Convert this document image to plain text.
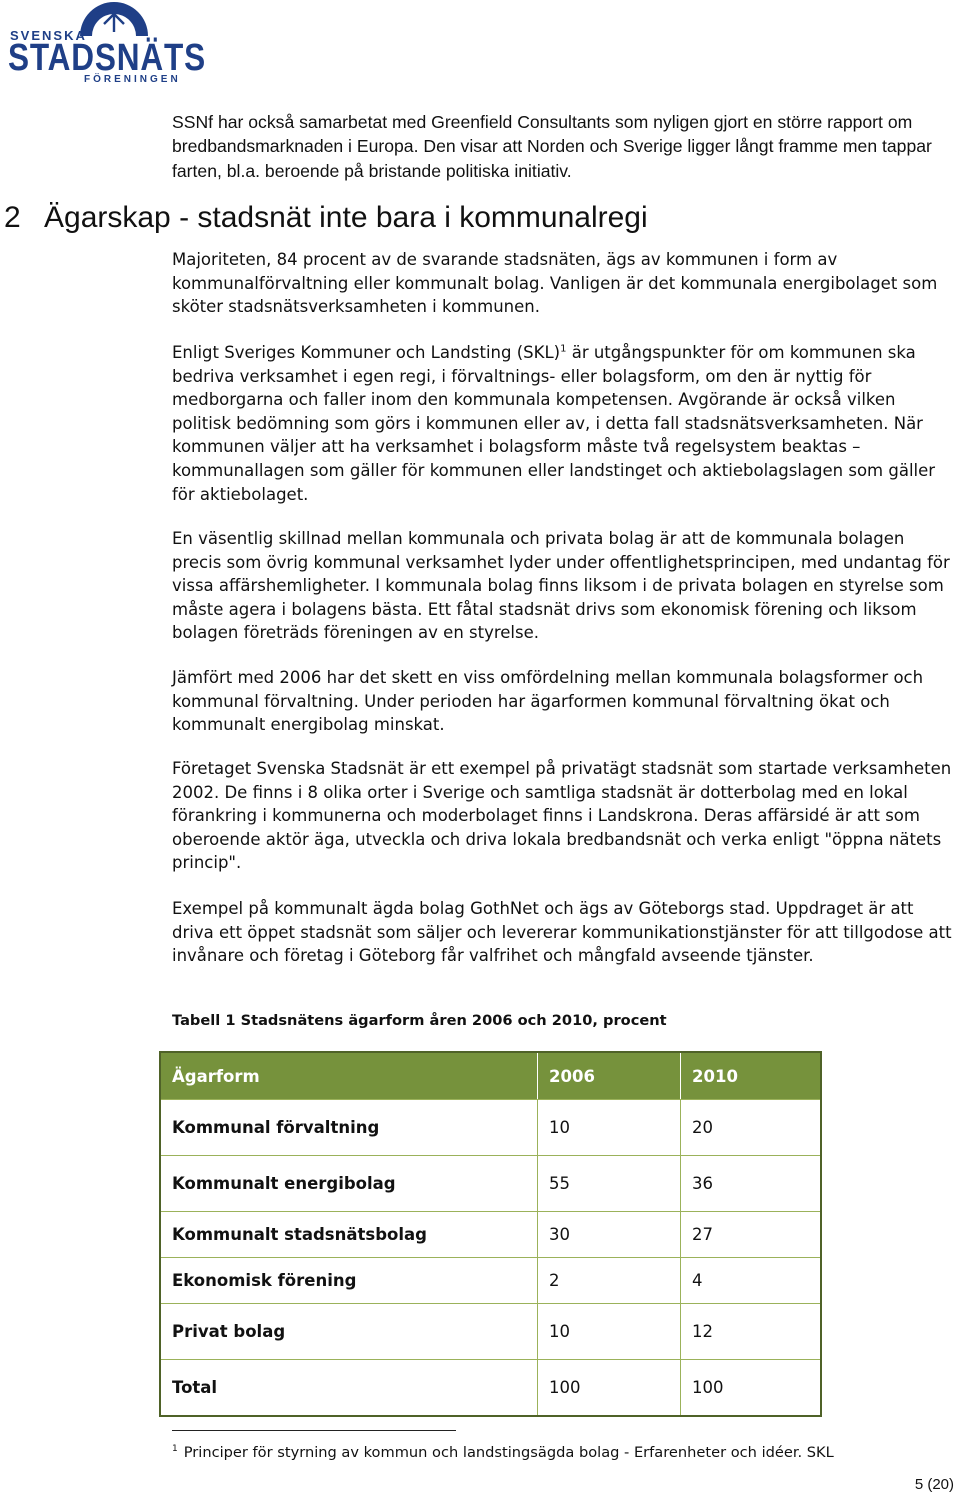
SVENSKA
STADSNÄ
FÖRENINGEN

SSNf har också samarbetat med Greenfield Consultants som nyligen gjort en större rapport om bredbandsmarknaden i Europa. Den visar att Norden och Sverige ligger långt framme men tappar farten, bl.a. beroende på bristande politiska initiativ.

2 Ägarskap - stadsnät inte bara i kommunalregi

Majoriteten, 84 procent av de svarande stadsnäten, ägs av kommunen i form av kommunalförvaltning eller kommunalt bolag. Vanligen är det kommunala energibolaget som sköter stadsnätsverksamheten i kommunen.

Enligt Sveriges Kommuner och Landsting (SKL)$^1$ är utgångspunkter för om kommunen ska bedriva verksamhet i egen regi, i förvaltnings- eller bolagsform, om den är nyttig för medborgarna och faller inom den kommunala kompetensen. Avgörande är också vilken politisk bedömning som görs i kommunen eller av, i detta fall stadsnätsverksamheten. När kommunen väljer att ha verksamhet i bolagsform måste två regelsystem beaktas – kommunallagen som gäller för kommunen eller landstinget och aktiebolagslagen som gäller för aktiebolaget.

En väsentlig skillnad mellan kommunala och privata bolag är att de kommunala bolagen precis som övrig kommunal verksamhet lyder under offentlighetsprincipen, med undantag för vissa affärshemligheter. I kommunala bolag finns liksom i de privata bolagen en styrelse som måste agera i bolagens bästa. Ett fåtal stadsnät drivs som ekonomisk förening och liksom bolagen företräds föreningen av en styrelse.

Jämfört med 2006 har det skett en viss omfördelning mellan kommunala bolagsformer och kommunal förvaltning. Under perioden har ägarformen kommunal förvaltning ökat och kommunalt energibolag minskat.

Företaget Svenska Stadsnät är ett exempel på privatägt stadsnät som startade verksamheten 2002. De finns i 8 olika orter i Sverige och samtliga stadsnät är dotterbolag med en lokal förankring i kommunerna och moderbolaget finns i Landskrona. Deras affärsidé är att som oberoende aktör äga, utveckla och driva lokala bredbandsnät och verka enligt "öppna nätets princip".

Exempel på kommunalt ägda bolag GothNet och ägs av Göteborgs stad. Uppdraget är att driva ett öppet stadsnät som säljer och levererar kommunikationstjänster för att tillgodose att invånare och företag i Göteborg får valfrihet och mångfald avseende tjänster.

Tabell 1 Stadsnätens ägarform åren 2006 och 2010, procent

Ägarform	2006	2010
Kommunal förvaltning	10	20
Kommunalt energibolag	55	36
Kommunalt stadsnätsbolag	30	27
Ekonomisk förening	2	4
Privat bolag	10	12
Total	100	100

$^1$ Principer för styrning av kommun och landstingsägda bolag - Erfarenheter och idéer. SKL

5 (20)
